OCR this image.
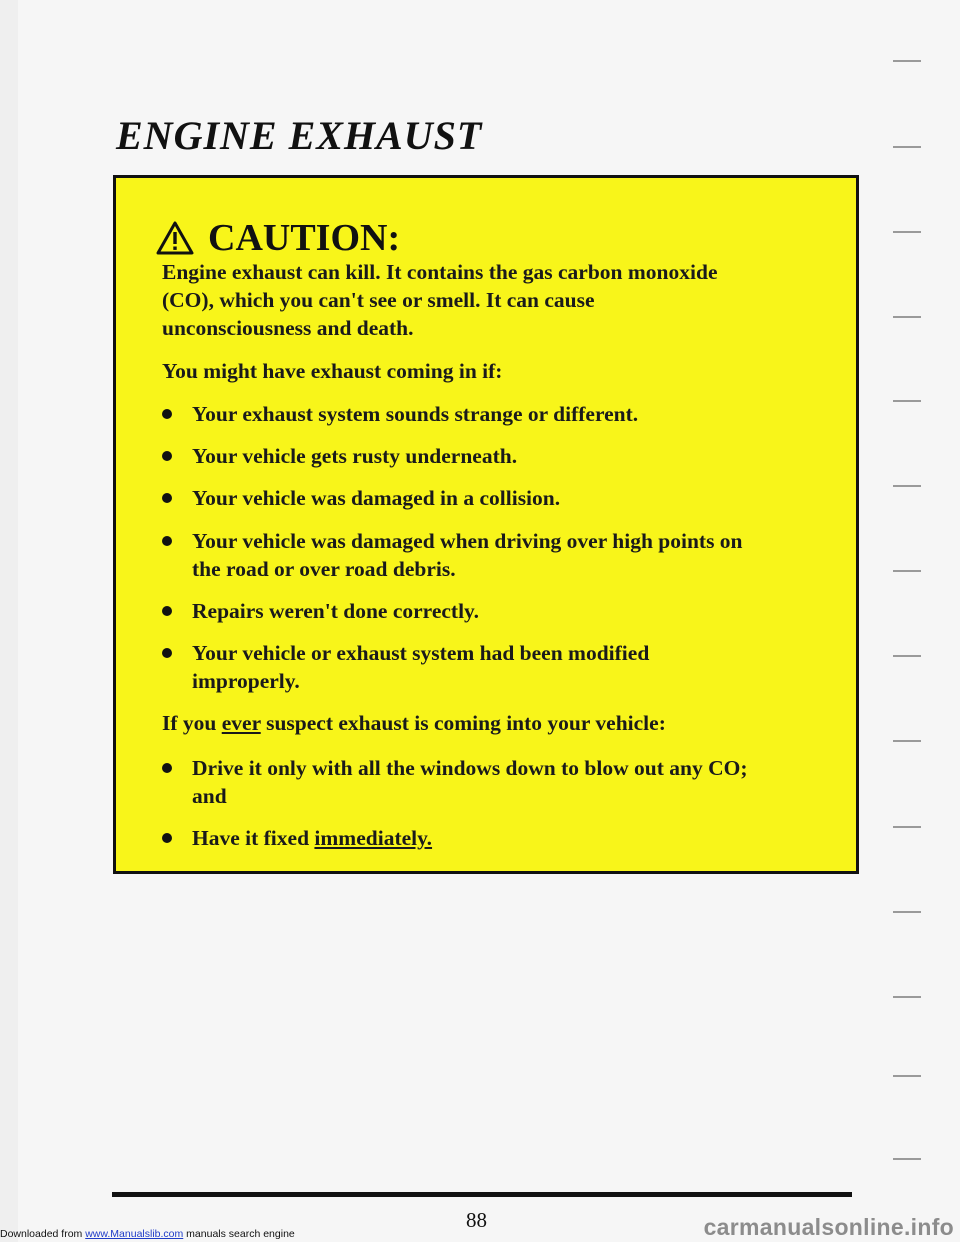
ENGINE EXHAUST
CAUTION:

Engine exhaust can kill. It contains the gas carbon monoxide

(CO), which you can't see or smell. It can cause

unconsciousness and death.

You might have exhaust coming in if:

Your exhaust system sounds strange or different.
Your vehicle gets rusty underneath.
Your vehicle was damaged in a collision.
Your vehicle was damaged when driving over high points on
the road or over road debris.
Repairs weren't done correctly.
Your vehicle or exhaust system had been modified
improperly.

If you ever suspect exhaust is coming into your vehicle:

Drive it only with all the windows down to blow out any CO;
and
Have it fixed immediately.
88
Downloaded from www.Manualslib.com manuals search engine	carmanualsonline.info
